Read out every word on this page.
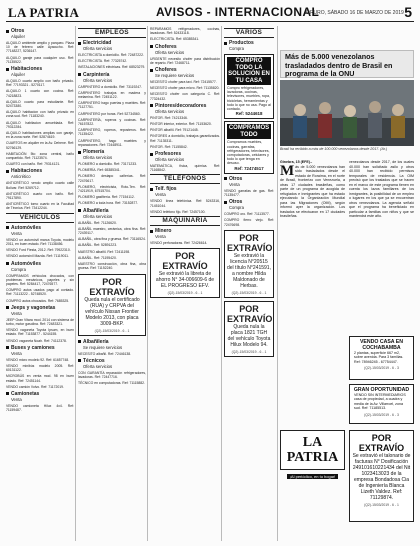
LA PATRIA	AVISOS - INTERNACIONAL
ORURO, SÁBADO 16 DE MARZO DE 2019 5
Otros
Alquiler

ALQUILO ambiente amplio y parqueo. Plaza 10 de febrero calle Ayacucho. Ref: 77148227, 5236147.

ALQUILO garaje para cualquier uso. Ref: 71135522.

Habitaciones
Alquiler

ALQUILO cuarto amplio con baño privado. Ref: 77193321 - 5270117.

ALQUILO 1 cuarto con cocina. Ref: 74218823.

ALQUILO cuarto para estudiante. Ref: 52473380.

ALQUILO habitacion con baño privado en zona sud. Ref: 71183240.

ALQUILO habitacion amueblada. Ref: 79312284.

ALQUILO habitaciones amplias con garaje, en la zona norte. Ref: 52874619.

CUARTOS en alquiler en la Av. Dehene. Ref: 52766129.

HABITACIÓN 5to zona central, baño compartido. Ref: 71123574.

CUARTO con baño. Ref: 79314121.

Habitaciones
Anticrético

ANTICRÉTICO vendo amplio cuarto calle Bolívar. Ref: 5269712.

ANTICRÉTICO cuarto con baño. Ref: 79117890.

ANTICRÉTICO tomo cuarto en la Facultad de Técnica. Ref: 73412244.

VEHÍCULOS
Automóviles
Venta

VENDO un automóvil marca Toyota, modelo 2011, en buen estado. Ref: 71138456.

VENDO Ford Fiesta, 2012. Ref: 79922310.

VENDO automóvil Mazda. Ref: 71119011.

Automóviles
Compra

COMPRAMOS vehículos chocados, con problemas mecánicos, papeles y sin papeles. Ref: 5284417, 72476577.

COMPRO autos usados pago al contado. Ref: 71113222 - 52748520.

COMPRO autos chocados. Ref: 7685325.

Jeeps y vagonetas
Venta

JEEP Gran Vitara mod. 2014 con sistema de turbo, motor gasolina. Ref: 72483321.

VENDO vagoneta Toyota Ipsum, en buen estado. Ref: 71153877 - 5244155.

VENDO vagoneta Noah. Ref: 74112378.

Buses y camiones
Venta

VENDO micro modelo 92. Ref: 61657748.

VENDO minibús modelo 2005. Ref: 60131122.

MICROBÚS en venta mod. 98 en buen estado. Ref: 72451144.

VENDO camión Volvo. Ref: 71172019.

Camionetas
Venta

VENDO camioneta Hilux 4x4. Ref: 71159487.

EMPLEOS
Electricidad
Oferta servicios

ELECTRICISTA a domicilio. Ref: 72487222.

ELECTRICISTA. Ref: 77325742.

INSTALACIONES eléctricas. Ref: 68523279.

Carpintería
Oferta servicios

CARPINTERO a domicilio. Ref: 73119247.

CARPINTERO trabajos en madera y melamina. Ref: 72451122.

CARPINTERO hago puertas y muebles. Ref: 71127751.

CARPINTERO por horas. Ref: 52734560.

CARPINTERÍA, roperos y cocinas. Ref: 76157822.

CARPINTERO, roperos, reposteros. Ref: 71135422.

CARPINTERO, hago muebles y reparaciones. Ref: 72448911.

Plomería
Oferta servicios

PLOMERO a domicilio. Ref: 73171233.

PLOMERÍA. Ref: 65385341.

PLOMERO destapo cañerías. Ref: 72476617.

PLOMERO, electricista, Roto-Ten. Ref: 74211919, 67515704.

PLOMERO gasfitería. Ref: 77154112.

PLOMERO a toda hora. Ref: 73152877.

Albañilería
Oferta servicios

ALBAÑIL. Ref: 71126620.

ALBAÑIL maestro, cerámica, obra fina. Ref: 72439117.

ALBAÑIL, obra fina y gruesa. Ref: 73116524.

ALBAÑIL. Ref: 52891223.

MAESTRO albañil. Ref: 72411198.

ALBAÑIL. Ref: 71195420.

MAESTRO construcción, obra fina, obra gruesa. Ref: 71152240.

POR EXTRAVÍO
Queda nula el certificado (RUA) y CRPVA del vehículo Nissan Frontier Modelo 2013, con placa 3009-BKP.
(Q2)-15/03/2019 - 6 - 1
Albañilería
Se requiere servicios

NECESITO albañil. Ref: 72446138.

Técnicos
Oferta servicios

CON GARANTÍA reparación refrigeradores, lavadoras. Ref: 72447716.

TÉCNICO en computadoras. Ref: 71115882.

REPARAMOS refrigeradores, cocinas, lavadoras. Ref: 52433118.

ELECTRICISTA. Ref: 65385341.

Choferes
Oferta servicios

URGENTE necesito chofer para distribución de reparto. Ref: 72468711.

Choferes
Se requiere servicios

NECESITO chofer para taxi. Ref: 72415577.

NECESITO chofer para micro. Ref: 71135820.

NECESITO chofer con categoría C. Ref: 77324432.

Pintores/decoradores
Oferta servicios

PINTOR. Ref: 74213346.

PINTOR interior, exterior. Ref: 71153620.

PINTOR albañil. Ref: 79121445.

PINTORES a domicilio, trabajos garantizados. Ref: 71135311.

PINTOR. Ref: 71155842.

Profesores
Oferta servicios

MATEMÁTICA, física, química. Ref: 71168842.

TELÉFONOS
Telf. fijos
Venta

VENDO línea telefónica. Ref: 5243316, 71451044.

VENDO teléfono fijo. Ref: 72457100.

MAQUINARIA
Minero
Venta

VENDO perforadoras. Ref: 72426614.

POR EXTRAVÍO
Se extravió la libreta de ahorro N° 34-006609-6 de EL PROGRESO EFV.
(Q2)-15/03/2019 - 6 - 1
VARIOS
Productos
Compra
COMPRO TODO LA SOLUCIÓN EN TU CASA
Compro refrigeradores, lavadoras, cocinas, televisores, muebles, ropa, bicicletas, herramientas y todo lo que no usa. Pago al contado.
Ref: 5244618
COMPRAMOS TODO
Compramos muebles, cocinas, garrafas, refrigeradores, televisores, computadoras, celulares y todo lo que tenga en desuso.
Ref: 72474517
Otros
Venta

VENDO garrafas de gas. Ref: 71135477.

Otros
Compra

COMPRO oro. Ref: 71113577.

COMPRO fierro viejo. Ref: 72476698.

POR EXTRAVÍO
Se extravió la licencia N°20515 del título N°241591, a nombre Hilda Maldonado de Herbas.
(Q2)-15/03/2019 - 6 - 1
POR EXTRAVÍO
Queda nula la placa 1821 TGH del vehículo Toyota Hilux Modelo 94.
(Q2)-15/03/2019 - 6 - 1
Más de 5.000 venezolanos trasladados dentro de Brasil en programa de la ONU
Brasil ha recibido a más de 100.000 venezolanos desde 2017. (Ar.)
Ginebra, 15 (EFE).-
M ás de 5.000 venezolanos han sido trasladados desde el estado de Roraima, en el norte de Brasil, fronterizo con Venezuela, a otras 17 ciudades brasileñas, como parte de un programa de acogida de refugiados e inmigrantes que ha estado ejecutando la Organización Mundial para las Migraciones (OIM), según informó ayer la organización. Los traslados se efectuaron en 17 ciudades brasileñas.
venezolanos desde 2017, de los cuales 40.000 han solicitado asilo y otros 40.000 han recibido permisos temporales de residencia. La OIM precisó que los traslados que se hacen en el marco de este programa tienen en cuenta los lazos familiares de los inmigrantes, la posibilidad de un empleo o lugares en los que ya se encuentran otros venezolanos. La agencia señaló que el programa ha beneficiado en particular a familias con niños y que se mantendrá este año.
VENDO CASA EN COCHABAMBA
2 plantas, superficie 667 m2, sobre avenida. Para 3 familias. Ref: 78946245 - 67754447.
(Q2)-15/03/2019 - 6 - 3
GRAN OPORTUNIDAD
VENDO SIN INTERMEDIARIOS casa de propiedad, a cuadra y media de la Av. Villarroel, zona sud. Ref: 71185513.
(Q2)-15/03/2019 - 6 - 3
LA PATRIA
¡Al periódico, en tu hogar!
POR EXTRAVÍO
Se extravió el talonario de facturas N° Dosificación 249101610221434 del Nit 1023413023 de la empresa Bondadosa Cia de Ingeniería Blanca Lizeth Valdez. Ref: 71129874.
(Q2)-15/03/2019 - 6 - 1
